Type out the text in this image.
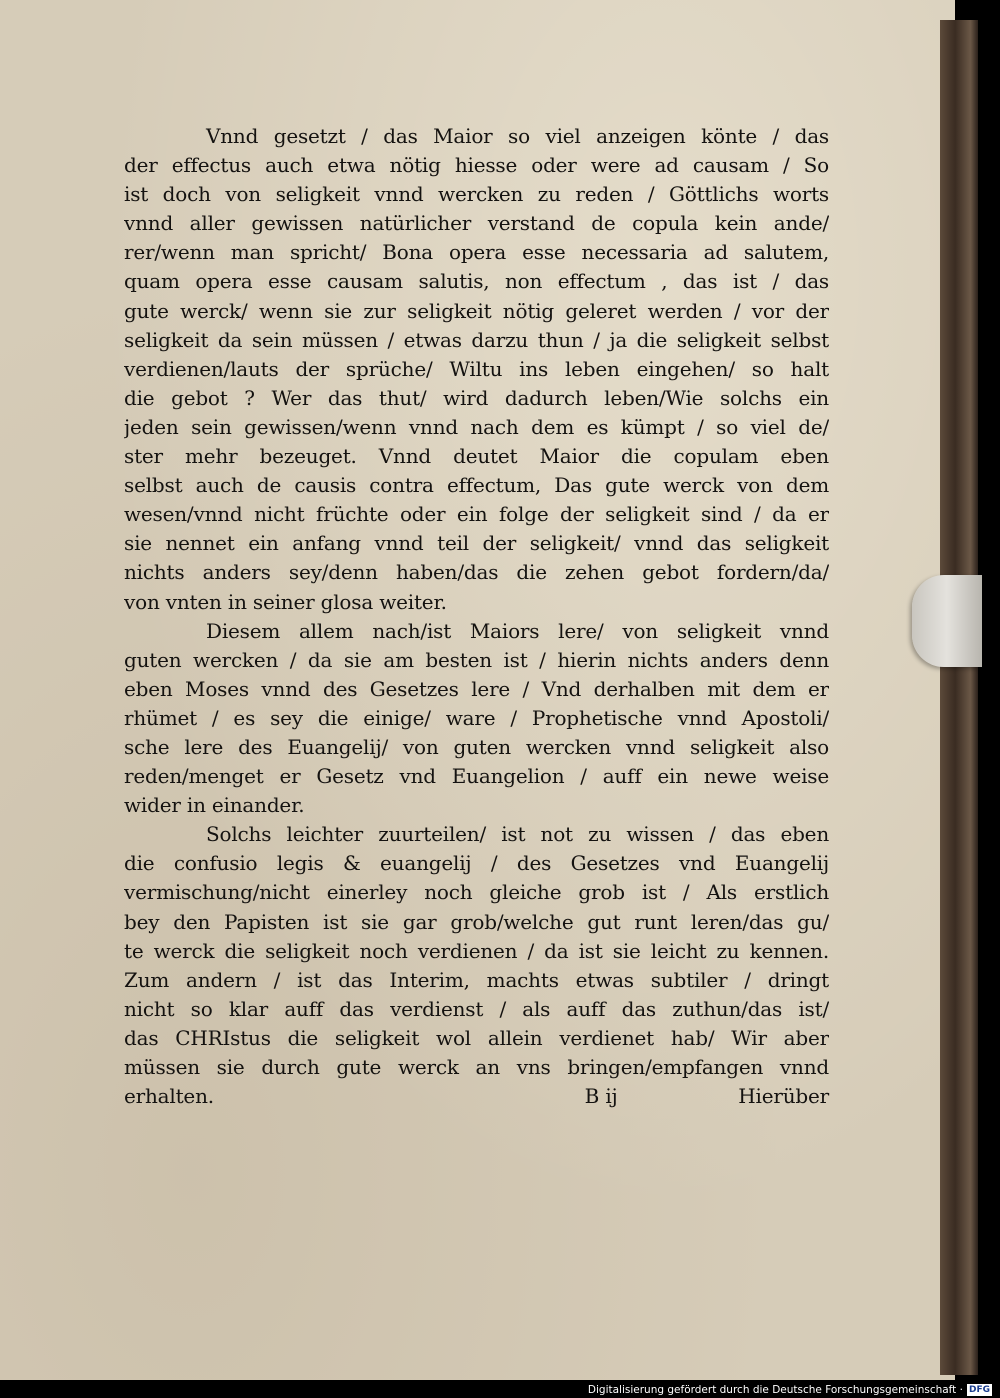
Vnnd gesetzt / das Maior so viel anzeigen könte / das
der effectus auch etwa nötig hiesse oder were ad causam / So
ist doch von seligkeit vnnd wercken zu reden / Göttlichs worts
vnnd aller gewissen natürlicher verstand de copula kein ande/
rer/wenn man spricht/ Bona opera esse necessaria ad salutem,
quam opera esse causam salutis, non effectum , das ist / das
gute werck/ wenn sie zur seligkeit nötig geleret werden / vor der
seligkeit da sein müssen / etwas darzu thun / ja die seligkeit selbst
verdienen/lauts der sprüche/ Wiltu ins leben eingehen/ so halt
die gebot ? Wer das thut/ wird dadurch leben/Wie solchs ein
jeden sein gewissen/wenn vnnd nach dem es kümpt / so viel de/
ster mehr bezeuget. Vnnd deutet Maior die copulam eben
selbst auch de causis contra effectum, Das gute werck von dem
wesen/vnnd nicht früchte oder ein folge der seligkeit sind / da er
sie nennet ein anfang vnnd teil der seligkeit/ vnnd das seligkeit
nichts anders sey/denn haben/das die zehen gebot fordern/da/
von vnten in seiner glosa weiter.
Diesem allem nach/ist Maiors lere/ von seligkeit vnnd
guten wercken / da sie am besten ist / hierin nichts anders denn
eben Moses vnnd des Gesetzes lere / Vnd derhalben mit dem er
rhümet / es sey die einige/ ware / Prophetische vnnd Apostoli/
sche lere des Euangelij/ von guten wercken vnnd seligkeit also
reden/menget er Gesetz vnd Euangelion / auff ein newe weise
wider in einander.
Solchs leichter zuurteilen/ ist not zu wissen / das eben
die confusio legis & euangelij / des Gesetzes vnd Euangelij
vermischung/nicht einerley noch gleiche grob ist / Als erstlich
bey den Papisten ist sie gar grob/welche gut runt leren/das gu/
te werck die seligkeit noch verdienen / da ist sie leicht zu kennen.
Zum andern / ist das Interim, machts etwas subtiler / dringt
nicht so klar auff das verdienst / als auff das zuthun/das ist/
das CHRIstus die seligkeit wol allein verdienet hab/ Wir aber
müssen sie durch gute werck an vns bringen/empfangen vnnd
erhalten.	B ij	Hierüber
Digitalisierung gefördert durch die Deutsche Forschungsgemeinschaft · DFG
